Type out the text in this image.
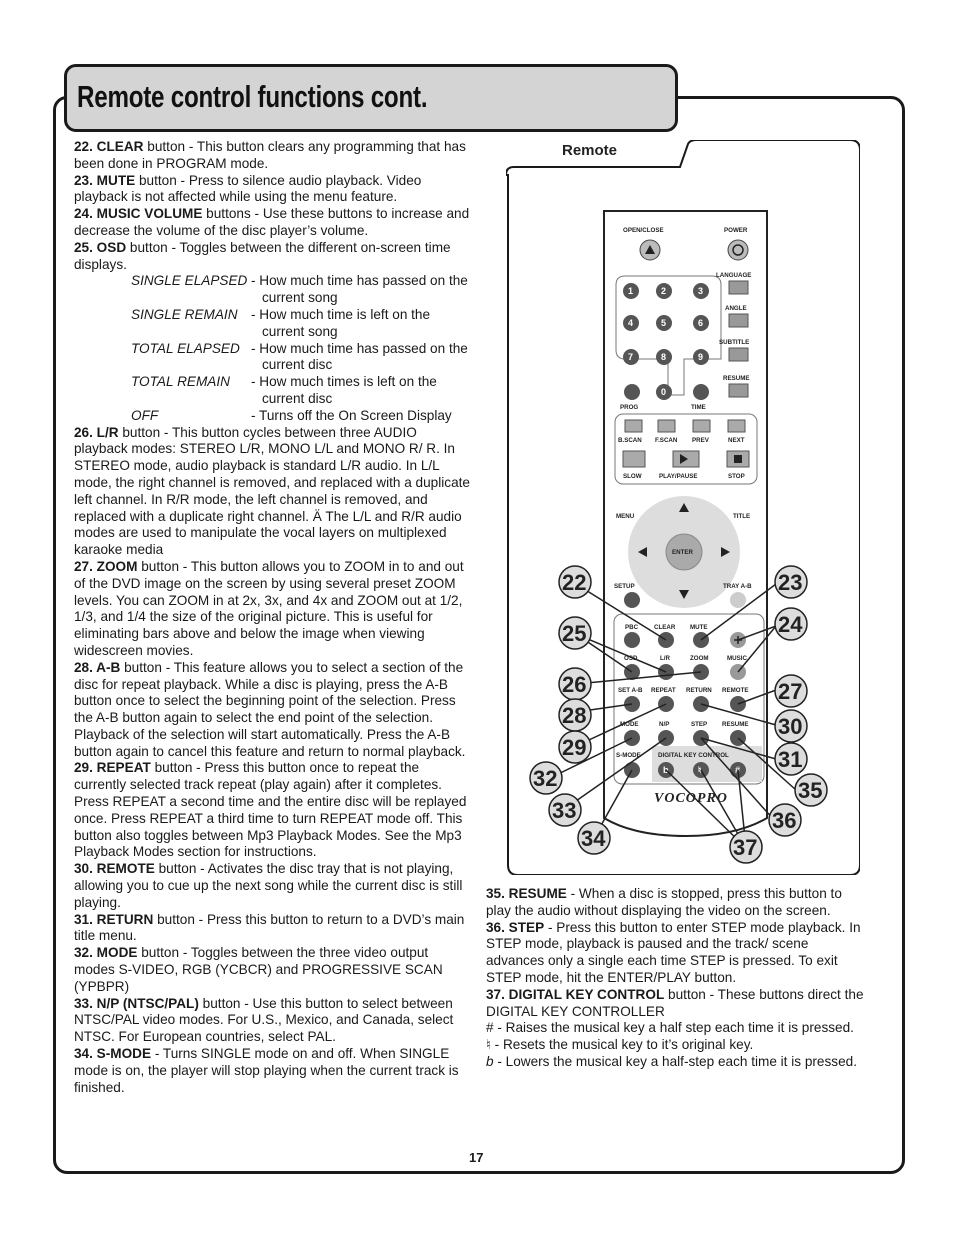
Remote control functions cont.

22. CLEAR button - This button clears any programming that has been done in PROGRAM mode.

23. MUTE button - Press to silence audio playback. Video playback is not affected while using the menu feature.

24. MUSIC VOLUME buttons - Use these buttons to increase and decrease the volume of the disc player’s volume.

25. OSD button - Toggles between the different on-screen time displays.

SINGLE ELAPSED - How much time has passed on the current song
SINGLE REMAIN - How much time is left on the current song
TOTAL ELAPSED - How much time has passed on the current disc
TOTAL REMAIN	- How much times is left on the current disc
OFF	- Turns off the On Screen Display

26. L/R button - This button cycles between three AUDIO playback modes: STEREO L/R, MONO L/L and MONO R/ R. In STEREO mode, audio playback is standard L/R audio. In L/L mode, the right channel is removed, and replaced with a duplicate left channel. In R/R mode, the left channel is removed, and replaced with a duplicate right channel. Ä The L/L and R/R audio modes are used to manipulate the vocal layers on multiplexed karaoke media

27. ZOOM button - This button allows you to ZOOM in to and out of the DVD image on the screen by using several preset ZOOM levels. You can ZOOM in at 2x, 3x, and 4x and ZOOM out at 1/2, 1/3, and 1/4 the size of the original picture. This is useful for eliminating bars above and below the image when viewing widescreen movies.

28. A-B button - This feature allows you to select a section of the disc for repeat playback. While a disc is playing, press the A-B button once to select the beginning point of the selection. Press the A-B button again to select the end point of the selection. Playback of the selection will start automatically. Press the A-B button again to cancel this feature and return to normal playback.

29. REPEAT button - Press this button once to repeat the currently selected track repeat (play again) after it completes. Press REPEAT a second time and the entire disc will be replayed once. Press REPEAT a third time to turn REPEAT mode off. This button also toggles between Mp3 Playback Modes. See the Mp3 Playback Modes section for instructions.

30. REMOTE button - Activates the disc tray that is not playing, allowing you to cue up the next song while the current disc is still playing.

31. RETURN button - Press this button to return to a DVD’s main title menu.

32. MODE button - Toggles between the three video output modes S-VIDEO, RGB (YCBCR) and PROGRESSIVE SCAN (YPBPR)

33. N/P (NTSC/PAL) button - Use this button to select between NTSC/PAL video modes. For U.S., Mexico, and Canada, select NTSC. For European countries, select PAL.

34. S-MODE - Turns SINGLE mode on and off. When SINGLE mode is on, the player will stop playing when the current track is finished.

OPEN/CLOSE	POWER
1	2	3
4	5	6
7	8	9
0
LANGUAGE
ANGLE
SUBTITLE
RESUME
PROG	TIME
B.SCAN F.SCAN PREV	NEXT
SLOW	PLAY/PAUSE	STOP
MENU	TITLE
ENTER
SETUP	TRAY A-B
PBC	CLEAR MUTE
OSD	L/R	ZOOM	MUSIC
SET A-B REPEAT RETURN REMOTE
MODE	N/P	STEP RESUME
S-MODE	DIGITAL KEY CONTROL
b	♮	#
VOCOPRO
22	23
24
25
26	27
28
29
30
31
32
33
34
35
36
37
Remote

35. RESUME - When a disc is stopped, press this button to play the audio without displaying the video on the screen.

36. STEP - Press this button to enter STEP mode playback. In STEP mode, playback is paused and the track/ scene advances only a single each time STEP is pressed. To exit STEP mode, hit the ENTER/PLAY button.

37. DIGITAL KEY CONTROL button - These buttons direct the DIGITAL KEY CONTROLLER

# - Raises the musical key a half step each time it is pressed.

♮ - Resets the musical key to it’s original key.

b - Lowers the musical key a half-step each time it is pressed.

17
